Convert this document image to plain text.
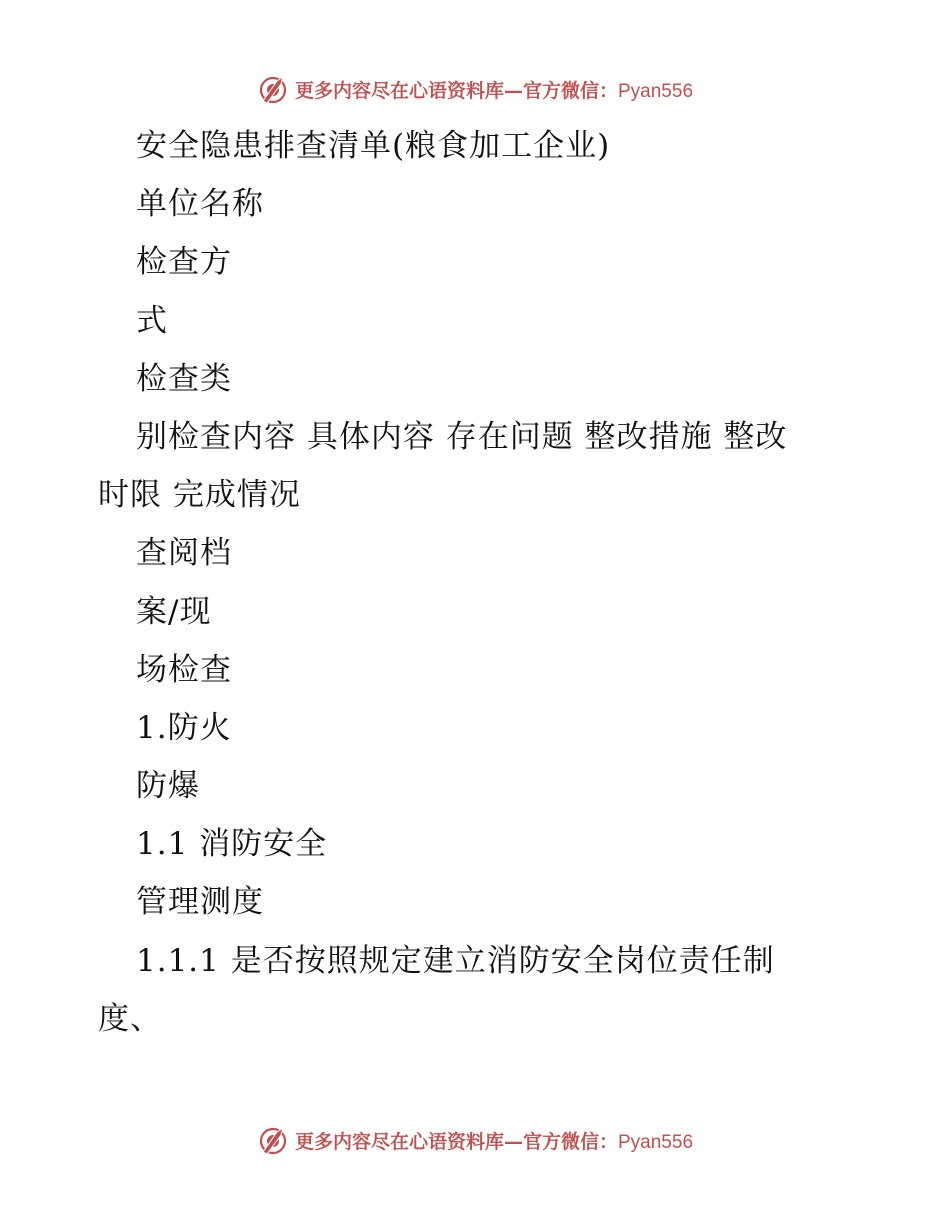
更多内容尽在心语资料库—官方微信：Pyan556
安全隐患排查清单(粮食加工企业)
单位名称
检查方
式
检查类
别检查内容 具体内容 存在问题 整改措施 整改
时限 完成情况
查阅档
案/现
场检查
1.防火
防爆
1.1 消防安全
管理测度
1.1.1 是否按照规定建立消防安全岗位责任制
度、
更多内容尽在心语资料库—官方微信：Pyan556
